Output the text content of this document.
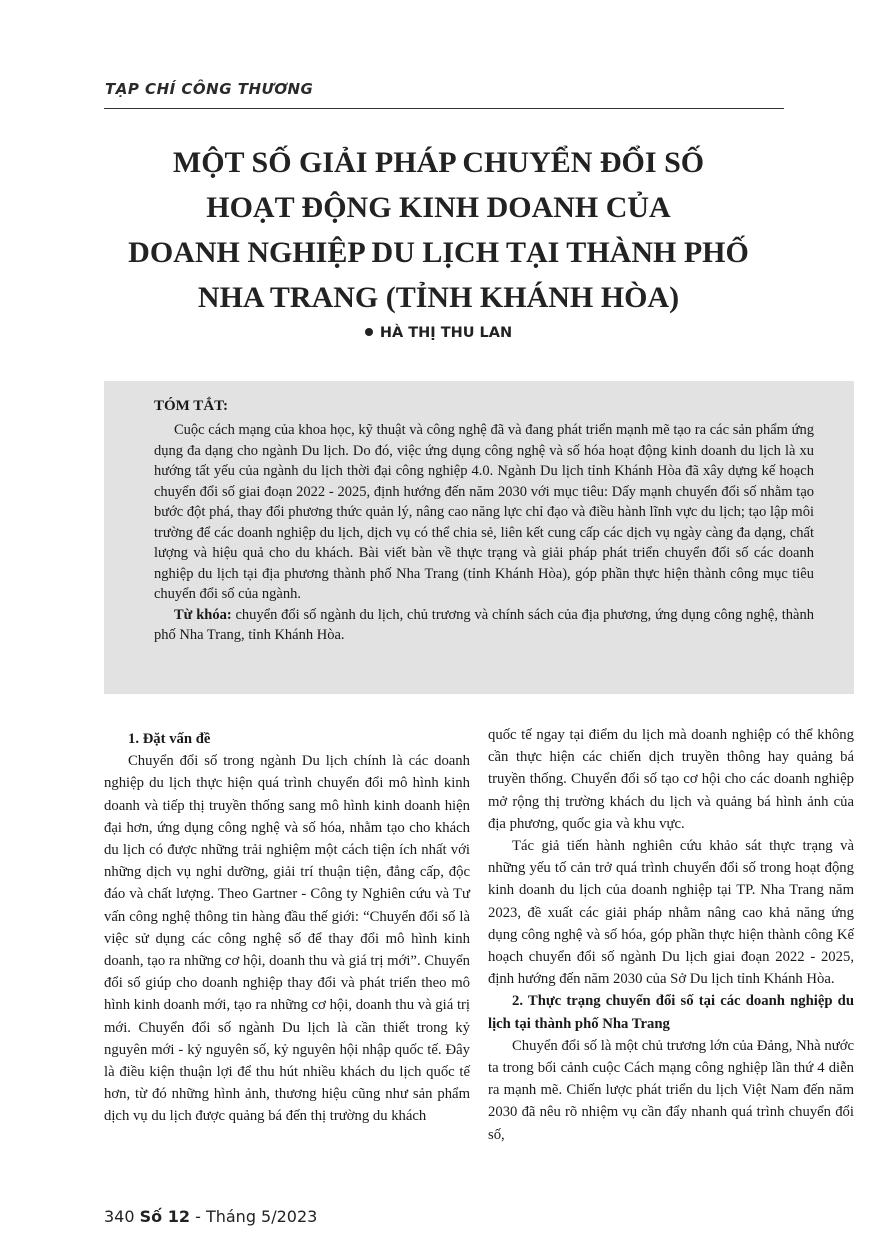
TẠP CHÍ CÔNG THƯƠNG
MỘT SỐ GIẢI PHÁP CHUYỂN ĐỔI SỐ
HOẠT ĐỘNG KINH DOANH CỦA
DOANH NGHIỆP DU LỊCH TẠI THÀNH PHỐ
NHA TRANG (TỈNH KHÁNH HÒA)
HÀ THỊ THU LAN
TÓM TẮT:

Cuộc cách mạng của khoa học, kỹ thuật và công nghệ đã và đang phát triển mạnh mẽ tạo ra các sản phẩm ứng dụng đa dạng cho ngành Du lịch. Do đó, việc ứng dụng công nghệ và số hóa hoạt động kinh doanh du lịch là xu hướng tất yếu của ngành du lịch thời đại công nghiệp 4.0. Ngành Du lịch tỉnh Khánh Hòa đã xây dựng kế hoạch chuyển đổi số giai đoạn 2022 - 2025, định hướng đến năm 2030 với mục tiêu: Dấy mạnh chuyển đổi số nhằm tạo bước đột phá, thay đổi phương thức quản lý, nâng cao năng lực chỉ đạo và điều hành lĩnh vực du lịch; tạo lập môi trường để các doanh nghiệp du lịch, dịch vụ có thể chia sẻ, liên kết cung cấp các dịch vụ ngày càng đa dạng, chất lượng và hiệu quả cho du khách. Bài viết bàn về thực trạng và giải pháp phát triển chuyển đổi số các doanh nghiệp du lịch tại địa phương thành phố Nha Trang (tỉnh Khánh Hòa), góp phần thực hiện thành công mục tiêu chuyển đổi số của ngành.

Từ khóa: chuyển đổi số ngành du lịch, chủ trương và chính sách của địa phương, ứng dụng công nghệ, thành phố Nha Trang, tỉnh Khánh Hòa.

1. Đặt vấn đề

Chuyển đổi số trong ngành Du lịch chính là các doanh nghiệp du lịch thực hiện quá trình chuyển đổi mô hình kinh doanh và tiếp thị truyền thống sang mô hình kinh doanh hiện đại hơn, ứng dụng công nghệ và số hóa, nhằm tạo cho khách du lịch có được những trải nghiệm một cách tiện ích nhất với những dịch vụ nghỉ dưỡng, giải trí thuận tiện, đẳng cấp, độc đáo và chất lượng. Theo Gartner - Công ty Nghiên cứu và Tư vấn công nghệ thông tin hàng đầu thế giới: “Chuyển đổi số là việc sử dụng các công nghệ số để thay đổi mô hình kinh doanh, tạo ra những cơ hội, doanh thu và giá trị mới”. Chuyển đổi số giúp cho doanh nghiệp thay đổi và phát triển theo mô hình kinh doanh mới, tạo ra những cơ hội, doanh thu và giá trị mới. Chuyển đổi số ngành Du lịch là cần thiết trong kỷ nguyên mới - kỷ nguyên số, kỷ nguyên hội nhập quốc tế. Đây là điều kiện thuận lợi để thu hút nhiều khách du lịch quốc tế hơn, từ đó những hình ảnh, thương hiệu cũng như sản phẩm dịch vụ du lịch được quảng bá đến thị trường du khách

quốc tế ngay tại điểm du lịch mà doanh nghiệp có thể không cần thực hiện các chiến dịch truyền thông hay quảng bá truyền thống. Chuyển đổi số tạo cơ hội cho các doanh nghiệp mở rộng thị trường khách du lịch và quảng bá hình ảnh của địa phương, quốc gia và khu vực.

Tác giả tiến hành nghiên cứu khảo sát thực trạng và những yếu tố cản trở quá trình chuyển đổi số trong hoạt động kinh doanh du lịch của doanh nghiệp tại TP. Nha Trang năm 2023, đề xuất các giải pháp nhằm nâng cao khả năng ứng dụng công nghệ và số hóa, góp phần thực hiện thành công Kế hoạch chuyển đổi số ngành Du lịch giai đoạn 2022 - 2025, định hướng đến năm 2030 của Sở Du lịch tỉnh Khánh Hòa.

2. Thực trạng chuyển đổi số tại các doanh nghiệp du lịch tại thành phố Nha Trang

Chuyển đổi số là một chủ trương lớn của Đảng, Nhà nước ta trong bối cảnh cuộc Cách mạng công nghiệp lần thứ 4 diễn ra mạnh mẽ. Chiến lược phát triển du lịch Việt Nam đến năm 2030 đã nêu rõ nhiệm vụ cần đẩy nhanh quá trình chuyển đổi số,

340 Số 12 - Tháng 5/2023
